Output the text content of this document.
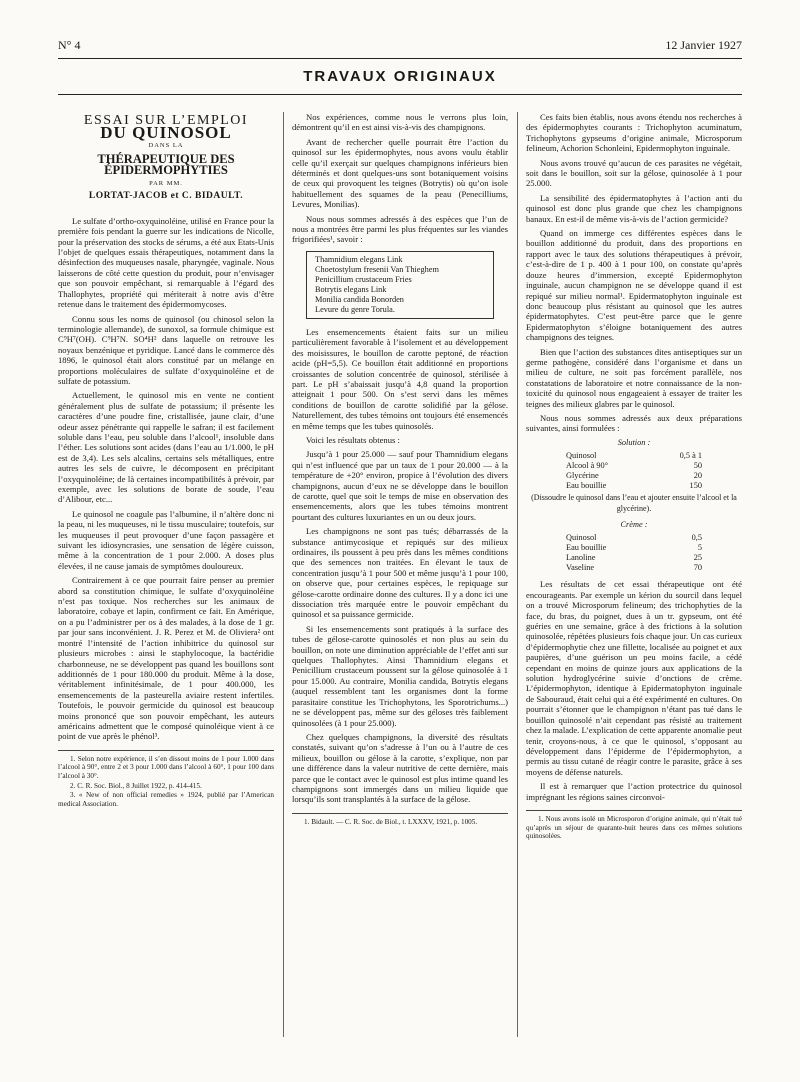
N° 4	12 Janvier 1927
TRAVAUX ORIGINAUX
ESSAI SUR L’EMPLOI
DU QUINOSOL
DANS LA
THÉRAPEUTIQUE DES ÉPIDERMOPHYTIES
PAR MM.
LORTAT-JACOB et C. BIDAULT.

Le sulfate d’ortho-oxyquinoléine, utilisé en France pour la première fois pendant la guerre sur les indications de Nicolle, pour la préservation des stocks de sérums, a été aux Etats-Unis l’objet de quelques essais thérapeutiques, notamment dans la désinfection des muqueuses nasale, pharyngée, vaginale. Nous laisserons de côté cette question du produit, pour n’envisager que son pouvoir empêchant, si remarquable à l’égard des Thallophytes, propriété qui mériterait à notre avis d’être retenue dans le traitement des épidermomycoses.

Connu sous les noms de quinosol (ou chinosol selon la terminologie allemande), de sunoxol, sa formule chimique est C⁹H⁷(OH). C⁹H⁷N. SO⁴H² dans laquelle on retrouve les noyaux benzénique et pyridique. Lancé dans le commerce dès 1896, le quinosol était alors constitué par un mélange en proportions moléculaires de sulfate d’oxyquinoléine et de sulfate de potassium.

Actuellement, le quinosol mis en vente ne contient généralement plus de sulfate de potassium; il présente les caractères d’une poudre fine, cristallisée, jaune clair, d’une odeur assez pénétrante qui rappelle le safran; il est facilement soluble dans l’eau, peu soluble dans l’alcool¹, insoluble dans l’éther. Les solutions sont acides (dans l’eau au 1/1.000, le pH est de 3,4). Les sels alcalins, certains sels métalliques, entre autres les sels de cuivre, le décomposent en précipitant l’oxyquinoléine; de là certaines incompatibilités à prévoir, par exemple, avec les solutions de borate de soude, l’eau d’Alibour, etc...

Le quinosol ne coagule pas l’albumine, il n’altère donc ni la peau, ni les muqueuses, ni le tissu musculaire; toutefois, sur les muqueuses il peut provoquer d’une façon passagère et suivant les idiosyncrasies, une sensation de légère cuisson, même à la concentration de 1 pour 2.000. A doses plus élevées, il ne cause jamais de symptômes douloureux.

Contrairement à ce que pourrait faire penser au premier abord sa constitution chimique, le sulfate d’oxyquinoléine n’est pas toxique. Nos recherches sur les animaux de laboratoire, cobaye et lapin, confirment ce fait. En Amérique, on a pu l’administrer per os à des malades, à la dose de 1 gr. par jour sans inconvénient. J. R. Perez et M. de Oliviera² ont montré l’intensité de l’action inhibitrice du quinosol sur plusieurs microbes : ainsi le staphylocoque, la bactéridie charbonneuse, ne se développent pas quand les bouillons sont additionnés de 1 pour 180.000 du produit. Même à la dose, véritablement infinitésimale, de 1 pour 400.000, les ensemencements de la pasteurella aviaire restent infertiles. Toutefois, le pouvoir germicide du quinosol est beaucoup moins prononcé que son pouvoir empêchant, les auteurs américains admettent que le composé quinoléique vient à ce point de vue après le phénol³.

1. Selon notre expérience, il s’en dissout moins de 1 pour 1.000 dans l’alcool à 90°, entre 2 et 3 pour 1.000 dans l’alcool à 60°, 1 pour 100 dans l’alcool à 30°.

2. C. R. Soc. Biol., 8 Juillet 1922, p. 414-415.

3. « New of non official remedies » 1924, publié par l’American medical Association.

Nos expériences, comme nous le verrons plus loin, démontrent qu’il en est ainsi vis-à-vis des champignons.

Avant de rechercher quelle pourrait être l’action du quinosol sur les épidermophytes, nous avons voulu établir celle qu’il exerçait sur quelques champignons inférieurs bien déterminés et dont quelques-uns sont botaniquement voisins de ceux qui provoquent les teignes (Botrytis) où qu’on isole habituellement des squames de la peau (Penecilliums, Levures, Monilias).

Nous nous sommes adressés à des espèces que l’un de nous a montrées être parmi les plus fréquentes sur les viandes frigorifiées¹, savoir :

Thamnidium elegans Link
Choetostylum fresenii Van Thieghem
Penicillium crustaceum Fries
Botrytis elegans Link
Monilia candida Bonorden
Levure du genre Torula.

Les ensemencements étaient faits sur un milieu particulièrement favorable à l’isolement et au développement des moisissures, le bouillon de carotte peptoné, de réaction acide (pH=5,5). Ce bouillon était additionné en proportions croissantes de solution concentrée de quinosol, stérilisée à part. Le pH s’abaissait jusqu’à 4,8 quand la proportion atteignait 1 pour 500. On s’est servi dans les mêmes conditions de bouillon de carotte solidifié par la gélose. Naturellement, des tubes témoins ont toujours été ensemencés en même temps que les tubes quinosolés.

Voici les résultats obtenus :

Jusqu’à 1 pour 25.000 — sauf pour Thamnidium elegans qui n’est influencé que par un taux de 1 pour 20.000 — à la température de +20° environ, propice à l’évolution des divers champignons, aucun d’eux ne se développe dans le bouillon de carotte, quel que soit le temps de mise en observation des ensemencements, alors que les tubes témoins montrent pourtant des cultures luxuriantes en un ou deux jours.

Les champignons ne sont pas tués; débarrassés de la substance antimycosique et repiqués sur des milieux ordinaires, ils poussent à peu près dans les mêmes conditions que des semences non traitées. En élevant le taux de concentration jusqu’à 1 pour 500 et même jusqu’à 1 pour 100, on observe que, pour certaines espèces, le repiquage sur gélose-carotte ordinaire donne des cultures. Il y a donc ici une dissociation très marquée entre le pouvoir empêchant du quinosol et sa puissance germicide.

Si les ensemencements sont pratiqués à la surface des tubes de gélose-carotte quinosolés et non plus au sein du bouillon, on note une diminution appréciable de l’effet anti sur quelques Thallophytes. Ainsi Thamnidium elegans et Penicillium crustaceum poussent sur la gélose quinosolée à 1 pour 15.000. Au contraire, Monilia candida, Botrytis elegans (auquel ressemblent tant les organismes dont la forme parasitaire constitue les Trichophytons, les Sporotrichums...) ne se développent pas, même sur des géloses très faiblement quinosolées (à 1 pour 25.000).

Chez quelques champignons, la diversité des résultats constatés, suivant qu’on s’adresse à l’un ou à l’autre de ces milieux, bouillon ou gélose à la carotte, s’explique, non par une différence dans la valeur nutritive de cette dernière, mais parce que le contact avec le quinosol est plus intime quand les champignons sont immergés dans un milieu liquide que lorsqu’ils sont transplantés à la surface de la gélose.

1. Bidault. — C. R. Soc. de Biol., t. LXXXV, 1921, p. 1005.

Ces faits bien établis, nous avons étendu nos recherches à des épidermophytes courants : Trichophyton acuminatum, Trichophytons gypseums d’origine animale, Microsporum felineum, Achorion Schonleini, Epidermophyton inguinale.

Nous avons trouvé qu’aucun de ces parasites ne végétait, soit dans le bouillon, soit sur la gélose, quinosolée à 1 pour 25.000.

La sensibilité des épidermatophytes à l’action anti du quinosol est donc plus grande que chez les champignons banaux. En est-il de même vis-à-vis de l’action germicide?

Quand on immerge ces différentes espèces dans le bouillon additionné du produit, dans des proportions en rapport avec le taux des solutions thérapeutiques à prévoir, c’est-à-dire de 1 p. 400 à 1 pour 100, on constate qu’après douze heures d’immersion, excepté Epidermophyton inguinale, aucun champignon ne se développe quand il est repiqué sur milieu normal¹. Epidermatophyton inguinale est donc beaucoup plus résistant au quinosol que les autres épidermatophytes. C’est peut-être parce que le genre Epidermatophyton s’éloigne botaniquement des autres champignons des teignes.

Bien que l’action des substances dites antiseptiques sur un germe pathogène, considéré dans l’organisme et dans un milieu de culture, ne soit pas forcément parallèle, nos constatations de laboratoire et notre connaissance de la non-toxicité du quinosol nous engageaient à essayer de traiter les teignes des milieux glabres par le quinosol.

Nous nous sommes adressés aux deux préparations suivantes, ainsi formulées :

Solution :
Quinosol	0,5 à 1
Alcool à 90°	50
Glycérine	20
Eau bouillie	150
(Dissoudre le quinosol dans l’eau et ajouter ensuite l’alcool et la glycérine).
Crème :
Quinosol	0,5
Eau bouillie	5
Lanoline	25
Vaseline	70

Les résultats de cet essai thérapeutique ont été encourageants. Par exemple un kérion du sourcil dans lequel on a trouvé Microsporum felineum; des trichophyties de la face, du bras, du poignet, dues à un tr. gypseum, ont été guéries en une semaine, grâce à des frictions à la solution quinosolée, répétées plusieurs fois chaque jour. Un cas curieux d’épidermophytie chez une fillette, localisée au poignet et aux paupières, d’une guérison un peu moins facile, a cédé cependant en moins de quinze jours aux applications de la solution hydroglycérine suivie d’onctions de crème. L’épidermophyton, identique à Epidermatophyton inguinale de Sabouraud, était celui qui a été expérimenté en cultures. On pourrait s’étonner que le champignon n’étant pas tué dans le bouillon quinosolé n’ait cependant pas résisté au traitement chez la malade. L’explication de cette apparente anomalie peut tenir, croyons-nous, à ce que le quinosol, s’opposant au développement dans l’épiderme de l’épidermophyton, a permis au tissu cutané de réagir contre le parasite, grâce à ses moyens de défense naturels.

Il est à remarquer que l’action protectrice du quinosol imprégnant les régions saines circonvoi-

1. Nous avons isolé un Microsporon d’origine animale, qui n’était tué qu’après un séjour de quarante-huit heures dans ces mêmes solutions quinosolées.
